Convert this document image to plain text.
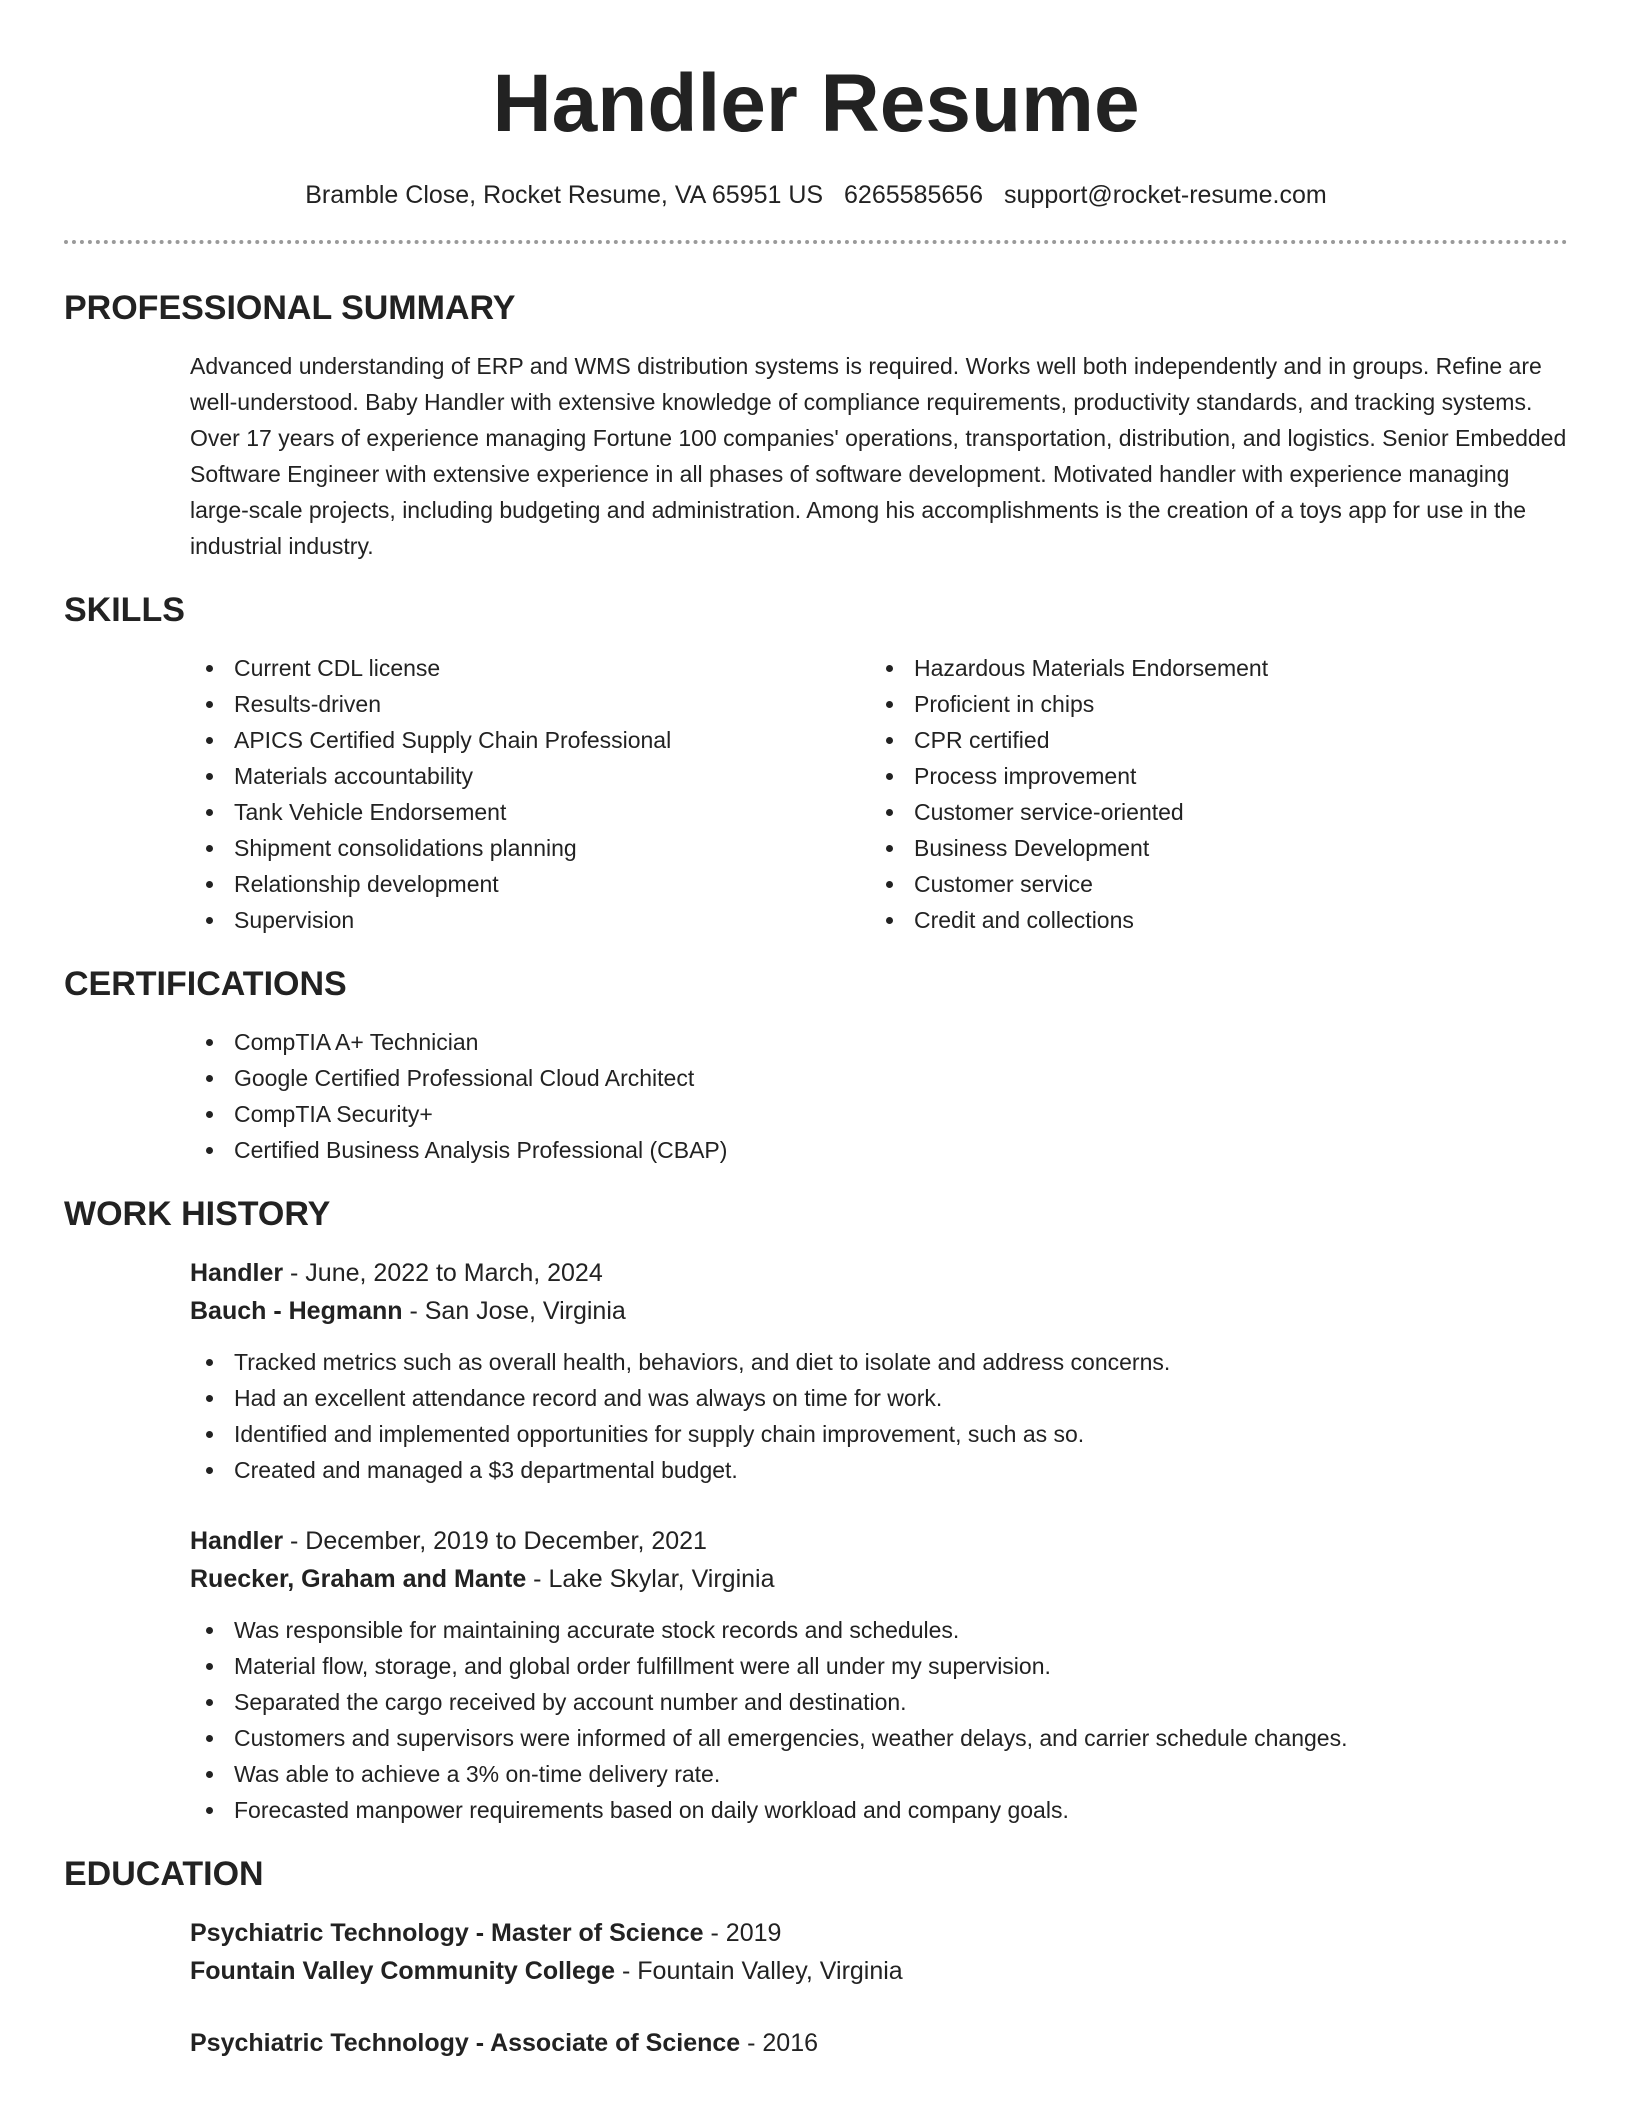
Handler Resume
Bramble Close, Rocket Resume, VA 65951 US 6265585656 support@rocket-resume.com
PROFESSIONAL SUMMARY

Advanced understanding of ERP and WMS distribution systems is required. Works well both independently and in groups. Refine are well-understood. Baby Handler with extensive knowledge of compliance requirements, productivity standards, and tracking systems. Over 17 years of experience managing Fortune 100 companies' operations, transportation, distribution, and logistics. Senior Embedded Software Engineer with extensive experience in all phases of software development. Motivated handler with experience managing large-scale projects, including budgeting and administration. Among his accomplishments is the creation of a toys app for use in the industrial industry.

SKILLS
Current CDL license
Results-driven
APICS Certified Supply Chain Professional
Materials accountability
Tank Vehicle Endorsement
Shipment consolidations planning
Relationship development
Supervision
Hazardous Materials Endorsement
Proficient in chips
CPR certified
Process improvement
Customer service-oriented
Business Development
Customer service
Credit and collections
CERTIFICATIONS
CompTIA A+ Technician
Google Certified Professional Cloud Architect
CompTIA Security+
Certified Business Analysis Professional (CBAP)
WORK HISTORY
Handler - June, 2022 to March, 2024
Bauch - Hegmann - San Jose, Virginia
Tracked metrics such as overall health, behaviors, and diet to isolate and address concerns.
Had an excellent attendance record and was always on time for work.
Identified and implemented opportunities for supply chain improvement, such as so.
Created and managed a $3 departmental budget.
Handler - December, 2019 to December, 2021
Ruecker, Graham and Mante - Lake Skylar, Virginia
Was responsible for maintaining accurate stock records and schedules.
Material flow, storage, and global order fulfillment were all under my supervision.
Separated the cargo received by account number and destination.
Customers and supervisors were informed of all emergencies, weather delays, and carrier schedule changes.
Was able to achieve a 3% on-time delivery rate.
Forecasted manpower requirements based on daily workload and company goals.
EDUCATION
Psychiatric Technology - Master of Science - 2019
Fountain Valley Community College - Fountain Valley, Virginia
Psychiatric Technology - Associate of Science - 2016
